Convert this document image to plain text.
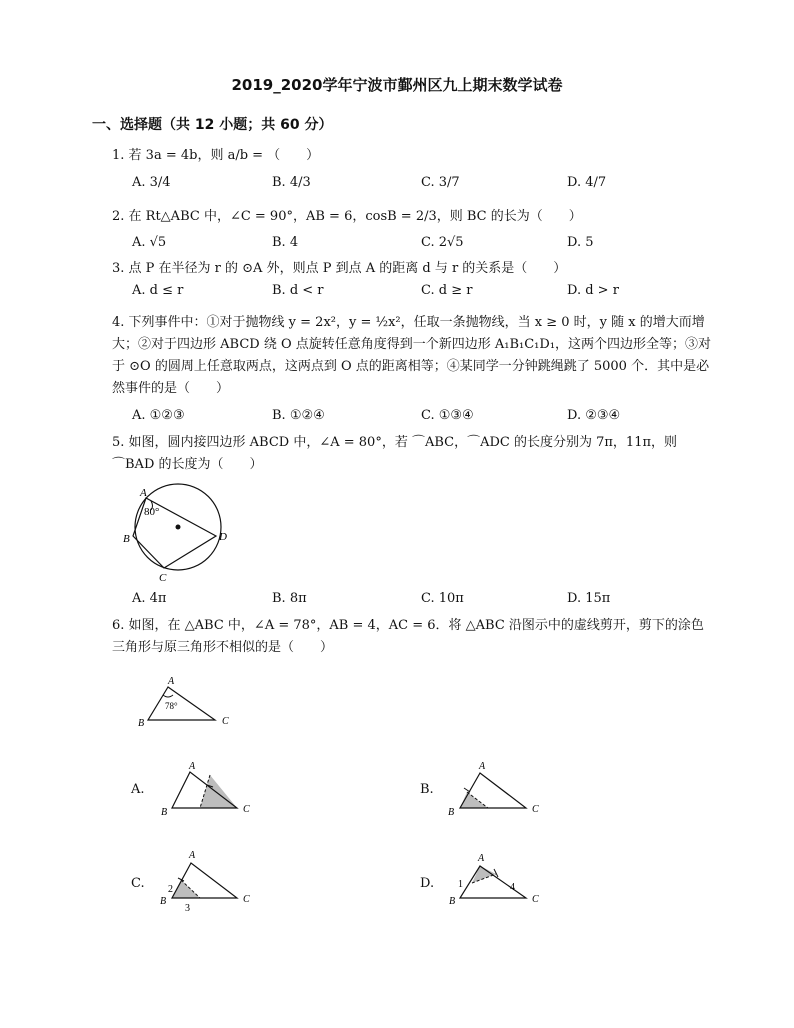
2019_2020学年宁波市鄞州区九上期末数学试卷
一、选择题（共 12 小题；共 60 分）
1. 若 3a = 4b，则 a/b = （　　）
A. 3/4	B. 4/3	C. 3/7	D. 4/7
2. 在 Rt△ABC 中，∠C = 90°，AB = 6，cosB = 2/3，则 BC 的长为（　　）
A. √5	B. 4	C. 2√5	D. 5
3. 点 P 在半径为 r 的 ⊙A 外，则点 P 到点 A 的距离 d 与 r 的关系是（　　）
A. d ≤ r	B. d < r	C. d ≥ r	D. d > r
4. 下列事件中：①对于抛物线 y = 2x²，y = ½x²，任取一条抛物线，当 x ≥ 0 时，y 随 x 的增大而增大；②对于四边形 ABCD 绕 O 点旋转任意角度得到一个新四边形 A₁B₁C₁D₁，这两个四边形全等；③对于 ⊙O 的圆周上任意取两点，这两点到 O 点的距离相等；④某同学一分钟跳绳跳了 5000 个．其中是必然事件的是（　　）
A. ①②③	B. ①②④	C. ①③④	D. ②③④
5. 如图，圆内接四边形 ABCD 中，∠A = 80°，若 ⌒ABC，⌒ADC 的长度分别为 7π，11π，则 ⌒BAD 的长度为（　　）
A
B
C
D
80°
A. 4π	B. 8π	C. 10π	D. 15π
6. 如图，在 △ABC 中，∠A = 78°，AB = 4，AC = 6．将 △ABC 沿图示中的虚线剪开，剪下的涂色三角形与原三角形不相似的是（　　）
A
B	C
78°
A.
A
B	C
B.
A
B	C
C.
A
B	C
2
3
D.
A
B	C
1	4
